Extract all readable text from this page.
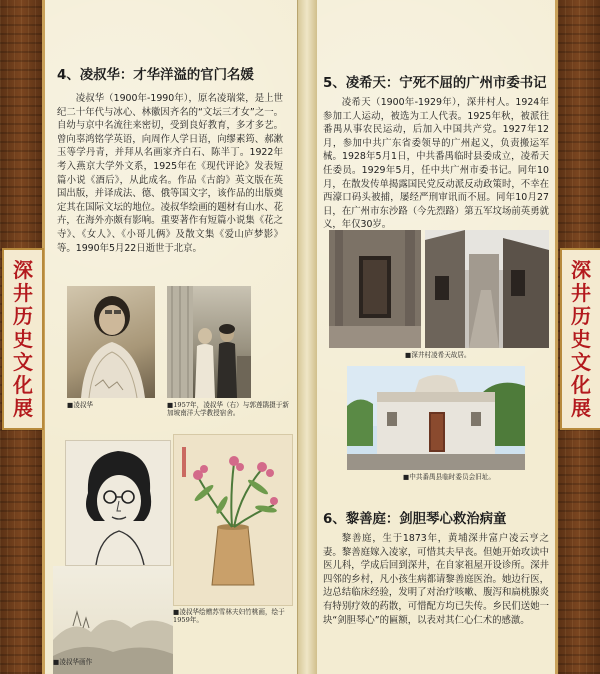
深
井
历
史
文
化
展
深
井
历
史
文
化
展
4、凌叔华：才华洋溢的官门名媛
凌叔华（1900年-1990年），原名凌瑞棠，是上世纪二十年代与冰心、林徽因齐名的“文坛三才女”之一。自幼与京中名流往来密切，受到良好教育，多才多艺。曾向辜鸿铭学英语，向周作人学日语，向缪素筠、郝漱玉等学丹青，并拜从名画家齐白石、陈半丁。1922年考入燕京大学外文系，1925年在《现代评论》发表短篇小说《酒后》，从此成名。作品《古韵》英文版在英国出版，并译成法、德、俄等国文字，该作品的出版奠定其在国际文坛的地位。凌叔华绘画的题材有山水、花卉，在海外亦颇有影响。重要著作有短篇小说集《花之寺》、《女人》、《小哥儿俩》及散文集《爱山庐梦影》等。1990年5月22日逝世于北京。
■凌叔华	■1957年，凌叔华（右）与郭莲鹃摄于新加坡南洋大学教授宿舍。
■凌叔华绘赠苏雪林夫妇竹桃画，绘于1959年。
■凌叔华画作
5、凌希天：宁死不屈的广州市委书记
凌希天（1900年-1929年），深井村人。1924年参加工人运动，被选为工人代表。1925年秋，被派往番禺从事农民运动，后加入中国共产党。1927年12月，参加中共广东省委领导的广州起义，负责搬运军械。1928年5月1日，中共番禺临时县委成立，凌希天任委员。1929年5月，任中共广州市委书记。同年10月，在散发传单揭露国民党反动派反动政策时，不幸在西濠口码头被捕，屡经严刑审讯而不屈。同年10月27日，在广州市东沙路（今先烈路）第五军坟场前英勇就义，年仅30岁。
■深井村凌希天故居。
■中共番禺县临时委员会旧址。
6、黎善庭：剑胆琴心救治病童
黎善庭，生于1873年，黄埔深井富户凌云亨之妻。黎善庭嫁入凌家，可惜其夫早丧。但她开始攻读中医儿科，学成后回到深井，在自家祖屋开设诊所。深井四邻的乡村，凡小孩生病都请黎善庭医治。她边行医，边总结临床经验，发明了对治疗咳嗽、腹泻和扁桃腺炎有特别疗效的药散，可惜配方均已失传。乡民们送她一块“剑胆琴心”的匾额，以表对其仁心仁术的感激。
